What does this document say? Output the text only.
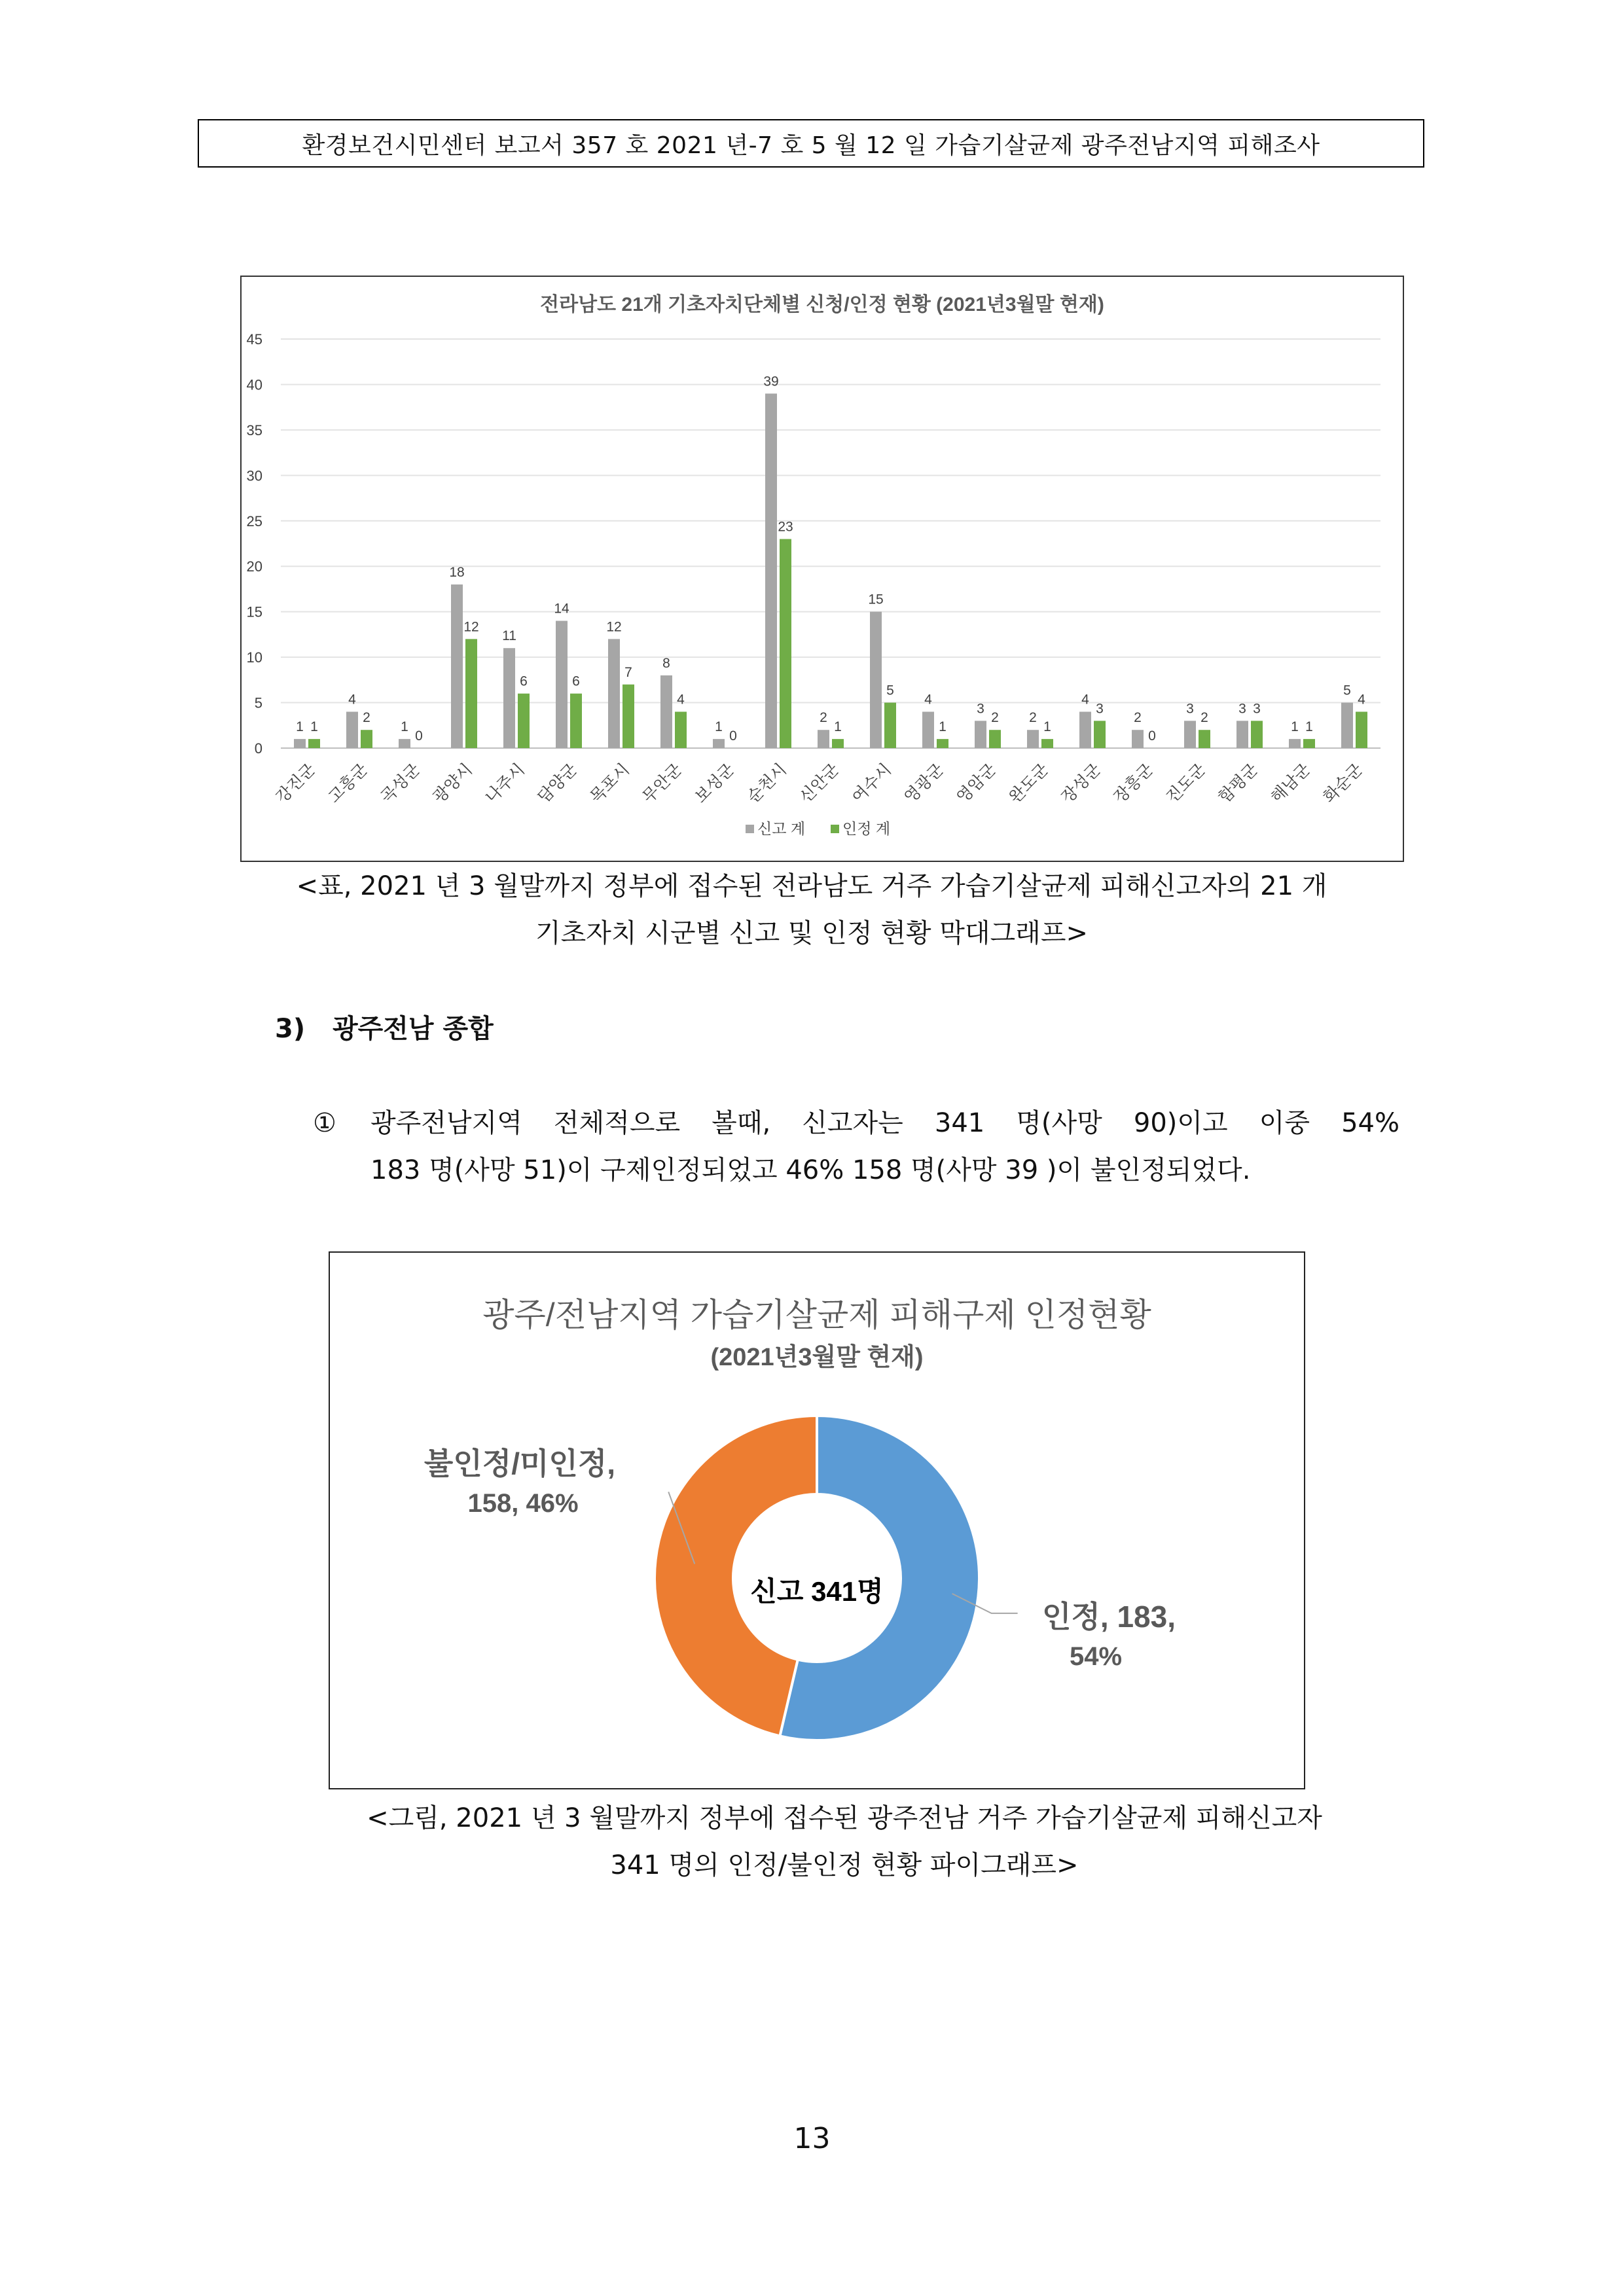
환경보건시민센터 보고서 357 호 2021 년-7 호 5 월 12 일 가습기살균제 광주전남지역 피해조사
전라남도 21개 기초자치단체별 신청/인정 현황 (2021년3월말 현재)
0
5
10
15
20
25
30
35
40
45
1 1
4
2
1
0
18
12
11
6
14
6
12
7
8
4
1
0
39
23
2
1
15
5
4
1
3
2 2
1
4
3
2
0
3
2
3 3
1 1
5
4
강진군 고흥군 곡성군 광양시 나주시 담양군 목포시 무안군 보성군 순천시 신안군 여수시 영광군 영암군 완도군 장성군 장흥군 진도군 함평군 해남군 화순군
신고 계 인정 계
<표, 2021 년 3 월말까지 정부에 접수된 전라남도 거주 가습기살균제 피해신고자의 21 개
기초자치 시군별 신고 및 인정 현황 막대그래프>
3) 광주전남 종합
① 광주전남지역 전체적으로 볼때, 신고자는 341 명(사망 90)이고 이중 54%
183 명(사망 51)이 구제인정되었고 46% 158 명(사망 39 )이 불인정되었다.
광주/전남지역 가습기살균제 피해구제 인정현황
(2021년3월말 현재)
신고 341명
인정, 183,
54%
불인정/미인정,
158, 46%
<그림, 2021 년 3 월말까지 정부에 접수된 광주전남 거주 가습기살균제 피해신고자
341 명의 인정/불인정 현황 파이그래프>
13
